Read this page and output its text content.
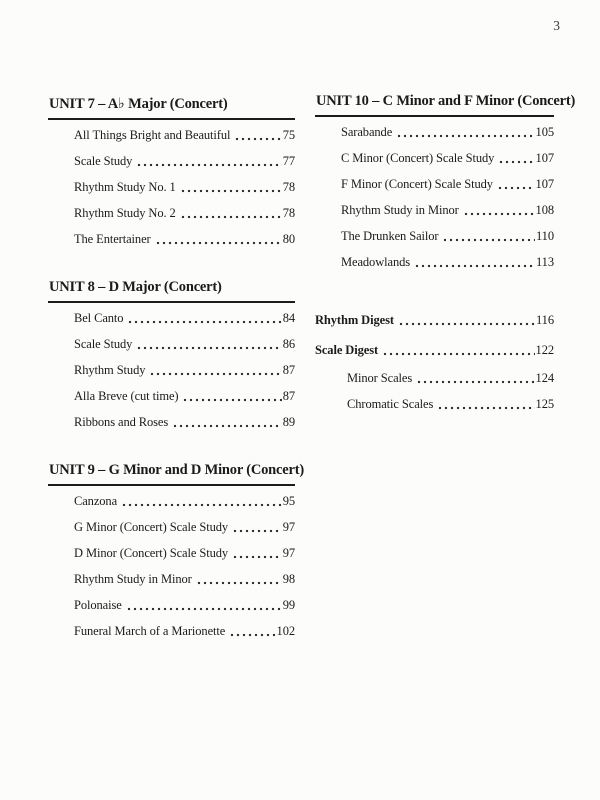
3
UNIT 7 – A♭ Major (Concert)
All Things Bright and Beautiful	75
Scale Study	77
Rhythm Study No. 1	78
Rhythm Study No. 2	78
The Entertainer	80
UNIT 8 – D Major (Concert)
Bel Canto	84
Scale Study	86
Rhythm Study	87
Alla Breve (cut time)	87
Ribbons and Roses	89
UNIT 9 – G Minor and D Minor (Concert)
Canzona	95
G Minor (Concert) Scale Study	97
D Minor (Concert) Scale Study	97
Rhythm Study in Minor	98
Polonaise	99
Funeral March of a Marionette	102
UNIT 10 – C Minor and F Minor (Concert)
Sarabande	105
C Minor (Concert) Scale Study	107
F Minor (Concert) Scale Study	107
Rhythm Study in Minor	108
The Drunken Sailor	110
Meadowlands	113
Rhythm Digest	116
Scale Digest	122
Minor Scales	124
Chromatic Scales	125
